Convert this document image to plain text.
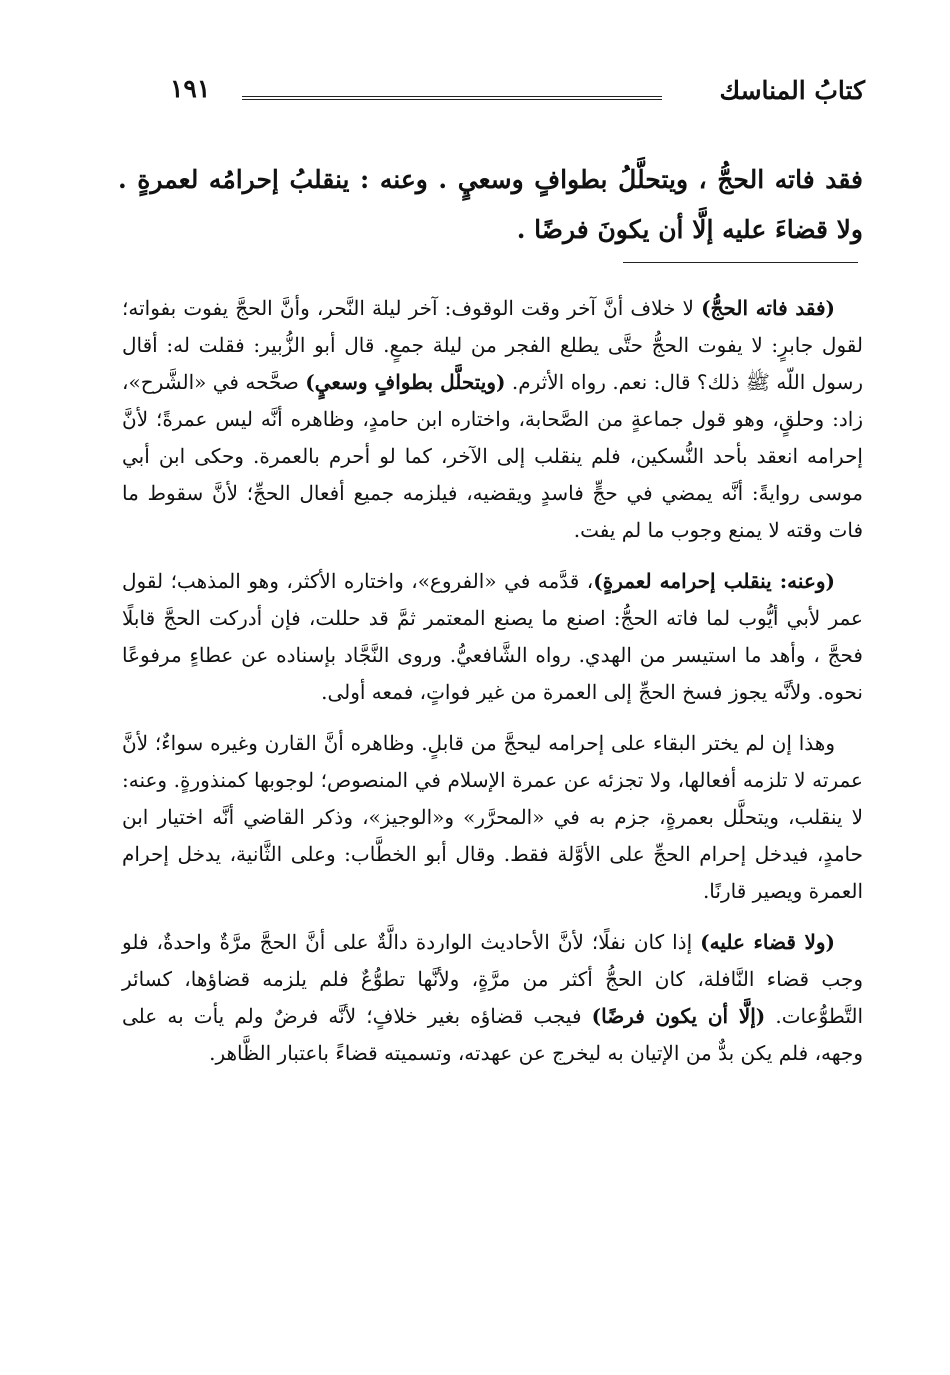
كتابُ المناسك
١٩١
فقد فاته الحجُّ ، ويتحلَّلُ بطوافٍ وسعيٍ . وعنه : ينقلبُ إحرامُه لعمرةٍ . ولا قضاءَ عليه إلَّا أن يكونَ فرضًا .

(فقد فاته الحجُّ) لا خلاف أنَّ آخر وقت الوقوف: آخر ليلة النَّحر، وأنَّ الحجَّ يفوت بفواته؛ لقول جابرٍ: لا يفوت الحجُّ حتَّى يطلع الفجر من ليلة جمعٍ. قال أبو الزُّبير: فقلت له: أقال رسول اللّه ﷺ ذلك؟ قال: نعم. رواه الأثرم. (ويتحلَّل بطوافٍ وسعيٍ) صحَّحه في «الشَّرح»، زاد: وحلقٍ، وهو قول جماعةٍ من الصَّحابة، واختاره ابن حامدٍ، وظاهره أنَّه ليس عمرةً؛ لأنَّ إحرامه انعقد بأحد النُّسكين، فلم ينقلب إلى الآخر، كما لو أحرم بالعمرة. وحكى ابن أبي موسى روايةً: أنَّه يمضي في حجٍّ فاسدٍ ويقضيه، فيلزمه جميع أفعال الحجِّ؛ لأنَّ سقوط ما فات وقته لا يمنع وجوب ما لم يفت.

(وعنه: ينقلب إحرامه لعمرةٍ)، قدَّمه في «الفروع»، واختاره الأكثر، وهو المذهب؛ لقول عمر لأبي أيُّوب لما فاته الحجُّ: اصنع ما يصنع المعتمر ثمَّ قد حللت، فإن أدركت الحجَّ قابلًا فحجَّ ، وأهد ما استيسر من الهدي. رواه الشَّافعيُّ. وروى النَّجَّاد بإسناده عن عطاءٍ مرفوعًا نحوه. ولأنَّه يجوز فسخ الحجِّ إلى العمرة من غير فواتٍ، فمعه أولى.

وهذا إن لم يختر البقاء على إحرامه ليحجَّ من قابلٍ. وظاهره أنَّ القارن وغيره سواءٌ؛ لأنَّ عمرته لا تلزمه أفعالها، ولا تجزئه عن عمرة الإسلام في المنصوص؛ لوجوبها كمنذورةٍ. وعنه: لا ينقلب، ويتحلَّل بعمرةٍ، جزم به في «المحرَّر» و«الوجيز»، وذكر القاضي أنَّه اختيار ابن حامدٍ، فيدخل إحرام الحجِّ على الأوَّلة فقط. وقال أبو الخطَّاب: وعلى الثَّانية، يدخل إحرام العمرة ويصير قارنًا.

(ولا قضاء عليه) إذا كان نفلًا؛ لأنَّ الأحاديث الواردة دالَّةٌ على أنَّ الحجَّ مرَّةٌ واحدةٌ، فلو وجب قضاء النَّافلة، كان الحجُّ أكثر من مرَّةٍ، ولأنَّها تطوُّعٌ فلم يلزمه قضاؤها، كسائر التَّطوُّعات. (إلَّا أن يكون فرضًا) فيجب قضاؤه بغير خلافٍ؛ لأنَّه فرضٌ ولم يأت به على وجهه، فلم يكن بدٌّ من الإتيان به ليخرج عن عهدته، وتسميته قضاءً باعتبار الظَّاهر.
